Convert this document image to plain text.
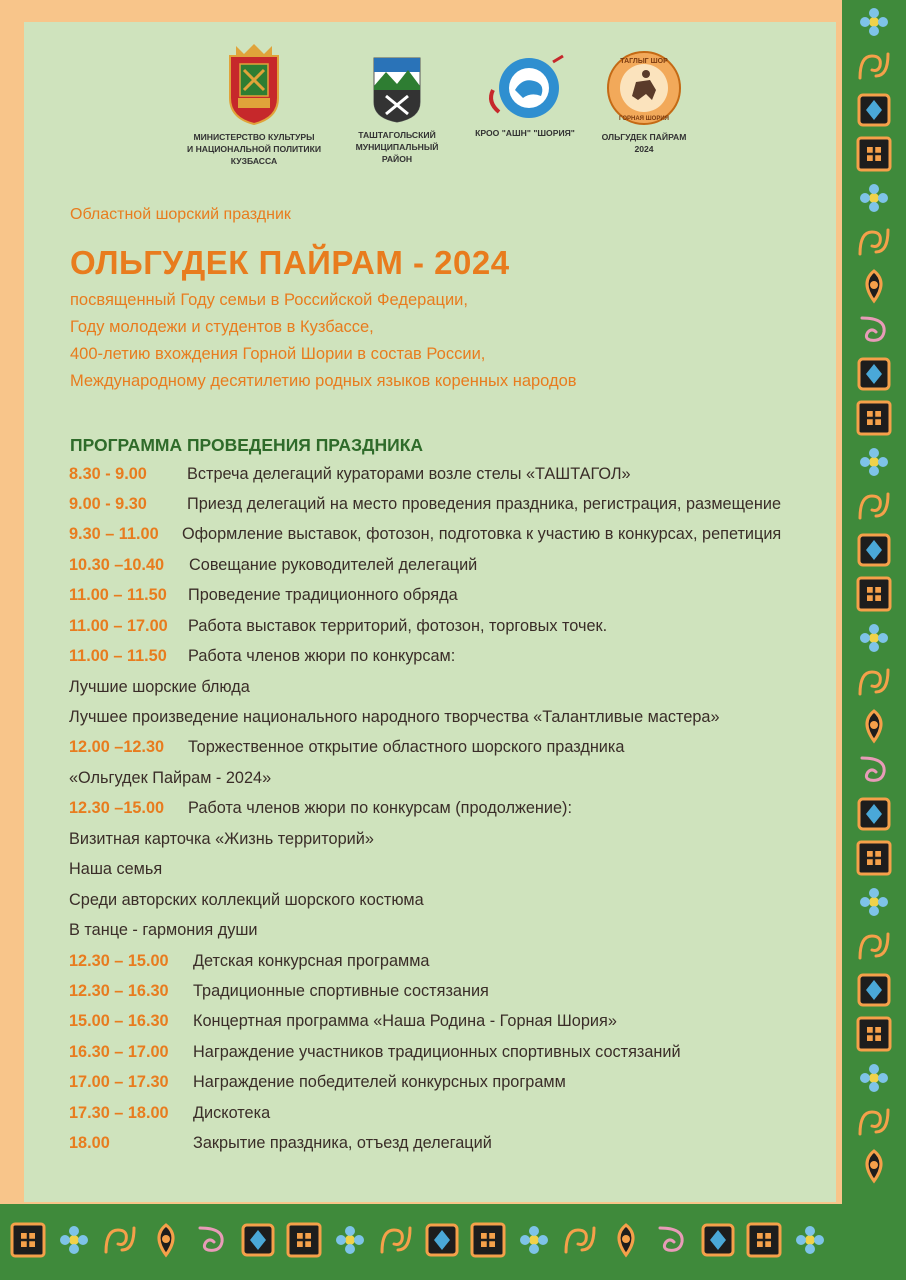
МИНИСТЕРСТВО КУЛЬТУРЫ
И НАЦИОНАЛЬНОЙ ПОЛИТИКИ
КУЗБАССА
ТАШТАГОЛЬСКИЙ
МУНИЦИПАЛЬНЫЙ
РАЙОН
КРОО "АШН" "ШОРИЯ"
ТАГЛЫГ ШОР
ГОРНАЯ ШОРИЯ
ОЛЬГУДЕК ПАЙРАМ
2024
Областной шорский праздник
ОЛЬГУДЕК ПАЙРАМ - 2024
посвященный Году семьи в Российской Федерации,
Году молодежи и студентов в Кузбассе,
400-летию вхождения Горной Шории в состав России,
Международному десятилетию родных языков коренных народов
ПРОГРАММА ПРОВЕДЕНИЯ ПРАЗДНИКА
8.30 - 9.00 Встреча делегаций кураторами возле стелы «ТАШТАГОЛ»
9.00 - 9.30 Приезд делегаций на место проведения праздника, регистрация, размещение
9.30 – 11.00 Оформление выставок, фотозон, подготовка к участию в конкурсах, репетиция
10.30 –10.40 Совещание руководителей делегаций
11.00 – 11.50 Проведение традиционного обряда
11.00 – 17.00 Работа выставок территорий, фотозон, торговых точек.
11.00 – 11.50 Работа членов жюри по конкурсам:
Лучшие шорские блюда
Лучшее произведение национального народного творчества «Талантливые мастера»
12.00 –12.30 Торжественное открытие областного шорского праздника
«Ольгудек Пайрам - 2024»
12.30 –15.00 Работа членов жюри по конкурсам (продолжение):
Визитная карточка «Жизнь территорий»
Наша семья
Среди авторских коллекций шорского костюма
В танце - гармония души
12.30 – 15.00 Детская конкурсная программа
12.30 – 16.30 Традиционные спортивные состязания
15.00 – 16.30 Концертная программа «Наша Родина - Горная Шория»
16.30 – 17.00 Награждение участников традиционных спортивных состязаний
17.00 – 17.30 Награждение победителей конкурсных программ
17.30 – 18.00 Дискотека
18.00	Закрытие праздника, отъезд делегаций
